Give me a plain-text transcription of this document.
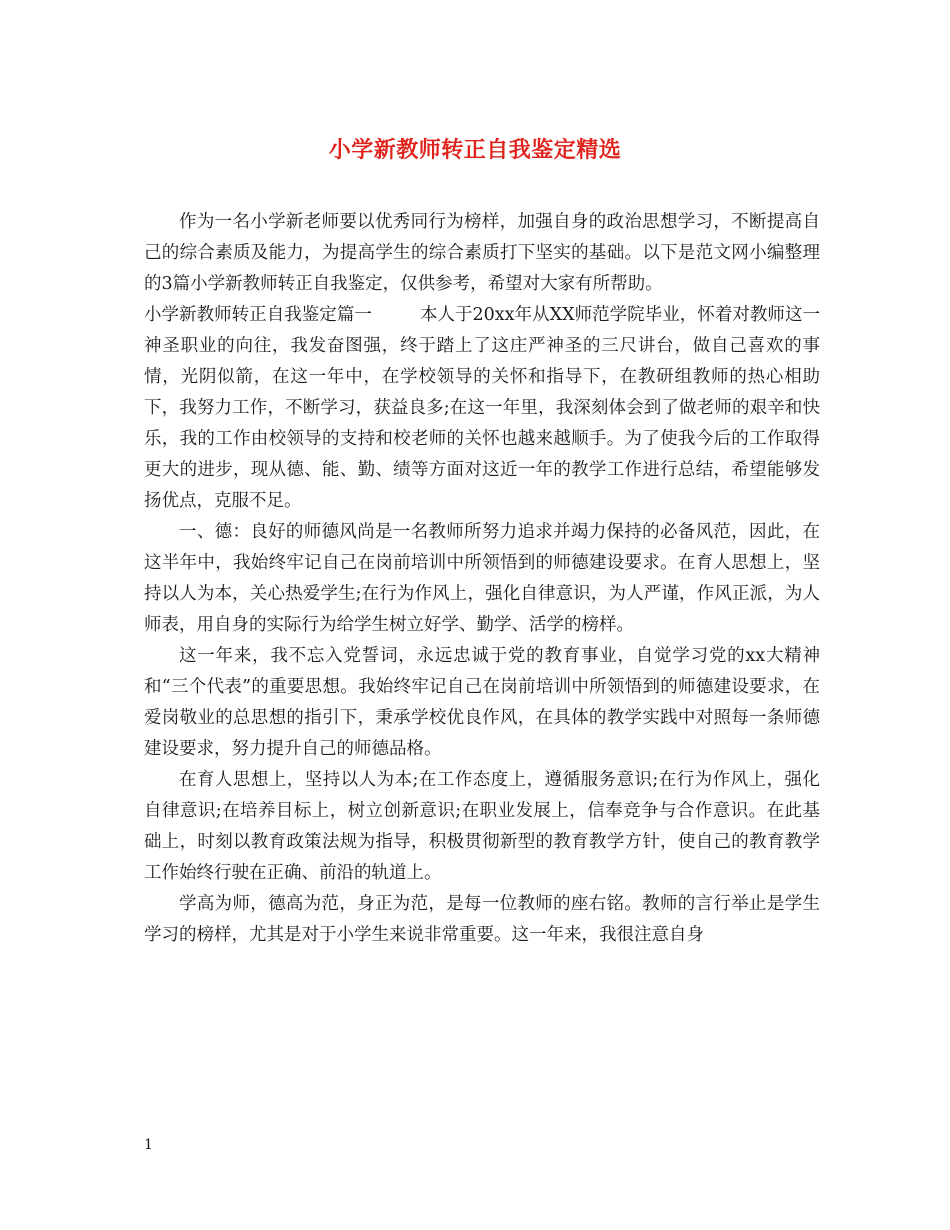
小学新教师转正自我鉴定精选

作为一名小学新老师要以优秀同行为榜样，加强自身的政治思想学习，不断提高自己的综合素质及能力，为提高学生的综合素质打下坚实的基础。以下是范文网小编整理的3篇小学新教师转正自我鉴定，仅供参考，希望对大家有所帮助。

小学新教师转正自我鉴定篇一	本人于20xx年从XX师范学院毕业，怀着对教师这一神圣职业的向往，我发奋图强，终于踏上了这庄严神圣的三尺讲台，做自己喜欢的事情，光阴似箭，在这一年中，在学校领导的关怀和指导下，在教研组教师的热心相助下，我努力工作，不断学习，获益良多;在这一年里，我深刻体会到了做老师的艰辛和快乐，我的工作由校领导的支持和校老师的关怀也越来越顺手。为了使我今后的工作取得更大的进步，现从德、能、勤、绩等方面对这近一年的教学工作进行总结，希望能够发扬优点，克服不足。

一、德：良好的师德风尚是一名教师所努力追求并竭力保持的必备风范，因此，在这半年中，我始终牢记自己在岗前培训中所领悟到的师德建设要求。在育人思想上，坚持以人为本，关心热爱学生;在行为作风上，强化自律意识，为人严谨，作风正派，为人师表，用自身的实际行为给学生树立好学、勤学、活学的榜样。

这一年来，我不忘入党誓词，永远忠诚于党的教育事业，自觉学习党的xx大精神和“三个代表”的重要思想。我始终牢记自己在岗前培训中所领悟到的师德建设要求，在爱岗敬业的总思想的指引下，秉承学校优良作风，在具体的教学实践中对照每一条师德建设要求，努力提升自己的师德品格。

在育人思想上，坚持以人为本;在工作态度上，遵循服务意识;在行为作风上，强化自律意识;在培养目标上，树立创新意识;在职业发展上，信奉竞争与合作意识。在此基础上，时刻以教育政策法规为指导，积极贯彻新型的教育教学方针，使自己的教育教学工作始终行驶在正确、前沿的轨道上。

学高为师，德高为范，身正为范，是每一位教师的座右铭。教师的言行举止是学生学习的榜样，尤其是对于小学生来说非常重要。这一年来，我很注意自身

1
